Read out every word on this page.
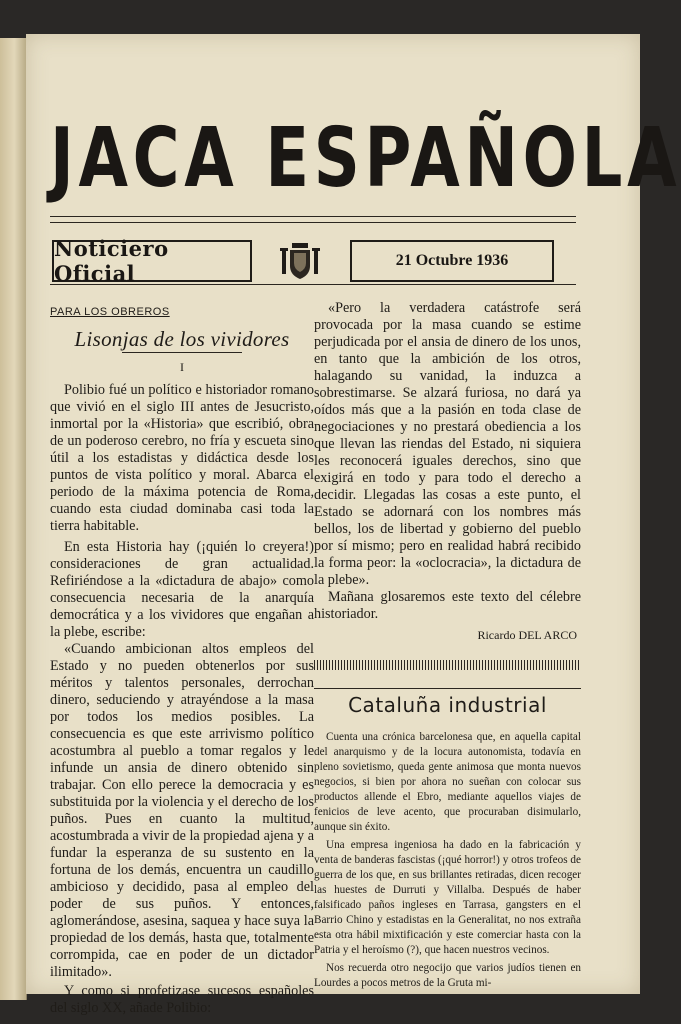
JACA ESPAÑOLA
Noticiero Oficial
21 Octubre 1936
PARA LOS OBREROS
Lisonjas de los vividores
I

Polibio fué un político e historiador romano que vivió en el siglo III antes de Jesucristo, inmortal por la «Historia» que escribió, obra de un poderoso cerebro, no fría y escueta sino útil a los estadistas y didáctica desde los puntos de vista político y moral. Abarca el periodo de la máxima potencia de Roma, cuando esta ciudad dominaba casi toda la tierra habitable.

En esta Historia hay (¡quién lo creyera!) consideraciones de gran actualidad. Refiriéndose a la «dictadura de abajo» como consecuencia necesaria de la anarquía democrática y a los vividores que engañan a la plebe, escribe:

«Cuando ambicionan altos empleos del Estado y no pueden obtenerlos por sus méritos y talentos personales, derrochan dinero, seduciendo y atrayéndose a la masa por todos los medios posibles. La consecuencia es que este arrivismo político acostumbra al pueblo a tomar regalos y le infunde un ansia de dinero obtenido sin trabajar. Con ello perece la democracia y es substituida por la violencia y el derecho de los puños. Pues en cuanto la multitud, acostumbrada a vivir de la propiedad ajena y a fundar la esperanza de su sustento en la fortuna de los demás, encuentra un caudillo ambicioso y decidido, pasa al empleo del poder de sus puños. Y entonces, aglomerándose, asesina, saquea y hace suya la propiedad de los demás, hasta que, totalmente corrompida, cae en poder de un dictador ilimitado».

Y como si profetizase sucesos españoles del siglo XX, añade Polibio:

«Pero la verdadera catástrofe será provocada por la masa cuando se estime perjudicada por el ansia de dinero de los unos, en tanto que la ambición de los otros, halagando su vanidad, la induzca a sobrestimarse. Se alzará furiosa, no dará ya oídos más que a la pasión en toda clase de negociaciones y no prestará obediencia a los que llevan las riendas del Estado, ni siquiera les reconocerá iguales derechos, sino que exigirá en todo y para todo el derecho a decidir. Llegadas las cosas a este punto, el Estado se adornará con los nombres más bellos, los de libertad y gobierno del pueblo por sí mismo; pero en realidad habrá recibido la forma peor: la «oclocracia», la dictadura de la plebe».

Mañana glosaremos este texto del célebre historiador.

Ricardo DEL ARCO

Cataluña industrial

Cuenta una crónica barcelonesa que, en aquella capital del anarquismo y de la locura autonomista, todavía en pleno sovietismo, queda gente animosa que monta nuevos negocios, si bien por ahora no sueñan con colocar sus productos allende el Ebro, mediante aquellos viajes de fenicios de leve acento, que procuraban disimularlo, aunque sin éxito.

Una empresa ingeniosa ha dado en la fabricación y venta de banderas fascistas (¡qué horror!) y otros trofeos de guerra de los que, en sus brillantes retiradas, dicen recoger las huestes de Durruti y Villalba. Después de haber falsificado paños ingleses en Tarrasa, gangsters en el Barrio Chino y estadistas en la Generalitat, no nos extraña esta otra hábil mixtificación y este comerciar hasta con la Patria y el heroísmo (?), que hacen nuestros vecinos.

Nos recuerda otro negocijo que varios judíos tienen en Lourdes a pocos metros de la Gruta mi-
